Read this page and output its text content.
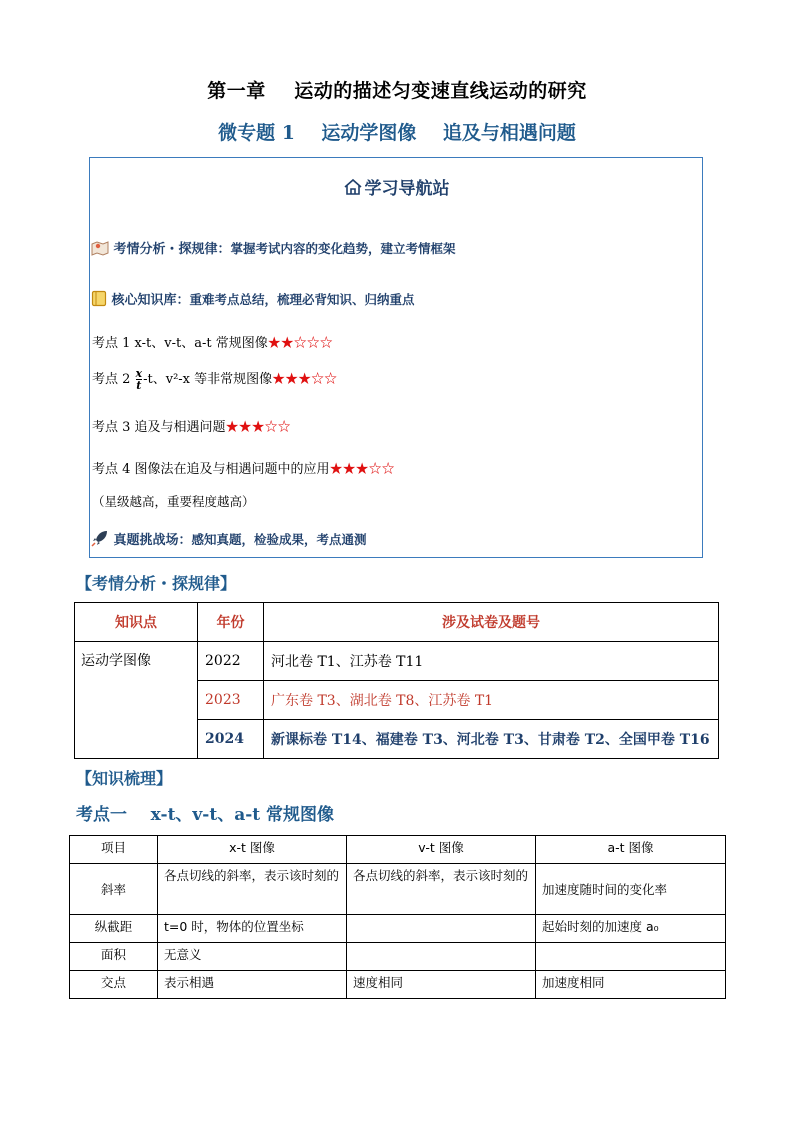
第一章    运动的描述匀变速直线运动的研究
微专题 1    运动学图像    追及与相遇问题
学习导航站
考情分析・探规律：掌握考试内容的变化趋势，建立考情框架
核心知识库：重难考点总结，梳理必背知识、归纳重点
考点 1 x-t、v-t、a-t 常规图像★★☆☆☆
考点 $2 \frac{x}{t} -t$、v²-x 等非常规图像★★★☆☆
考点 3 追及与相遇问题★★★☆☆
考点 4 图像法在追及与相遇问题中的应用★★★☆☆
（星级越高，重要程度越高）
真题挑战场：感知真题，检验成果，考点通测
【考情分析・探规律】
知识点	年份	涉及试卷及题号
运动学图像	2022	河北卷 T1、江苏卷 T11
	2023	广东卷 T3、湖北卷 T8、江苏卷 T1
	2024	新课标卷 T14、福建卷 T3、河北卷 T3、甘肃卷 T2、全国甲卷 T16
【知识梳理】
考点一    x-t、v-t、a-t 常规图像
项目	x-t 图像	v-t 图像	a-t 图像
斜率	各点切线的斜率，表示该时刻的	各点切线的斜率，表示该时刻的	加速度随时间的变化率
纵截距	t=0 时，物体的位置坐标		起始时刻的加速度 a₀
面积	无意义		
交点	表示相遇	速度相同	加速度相同
